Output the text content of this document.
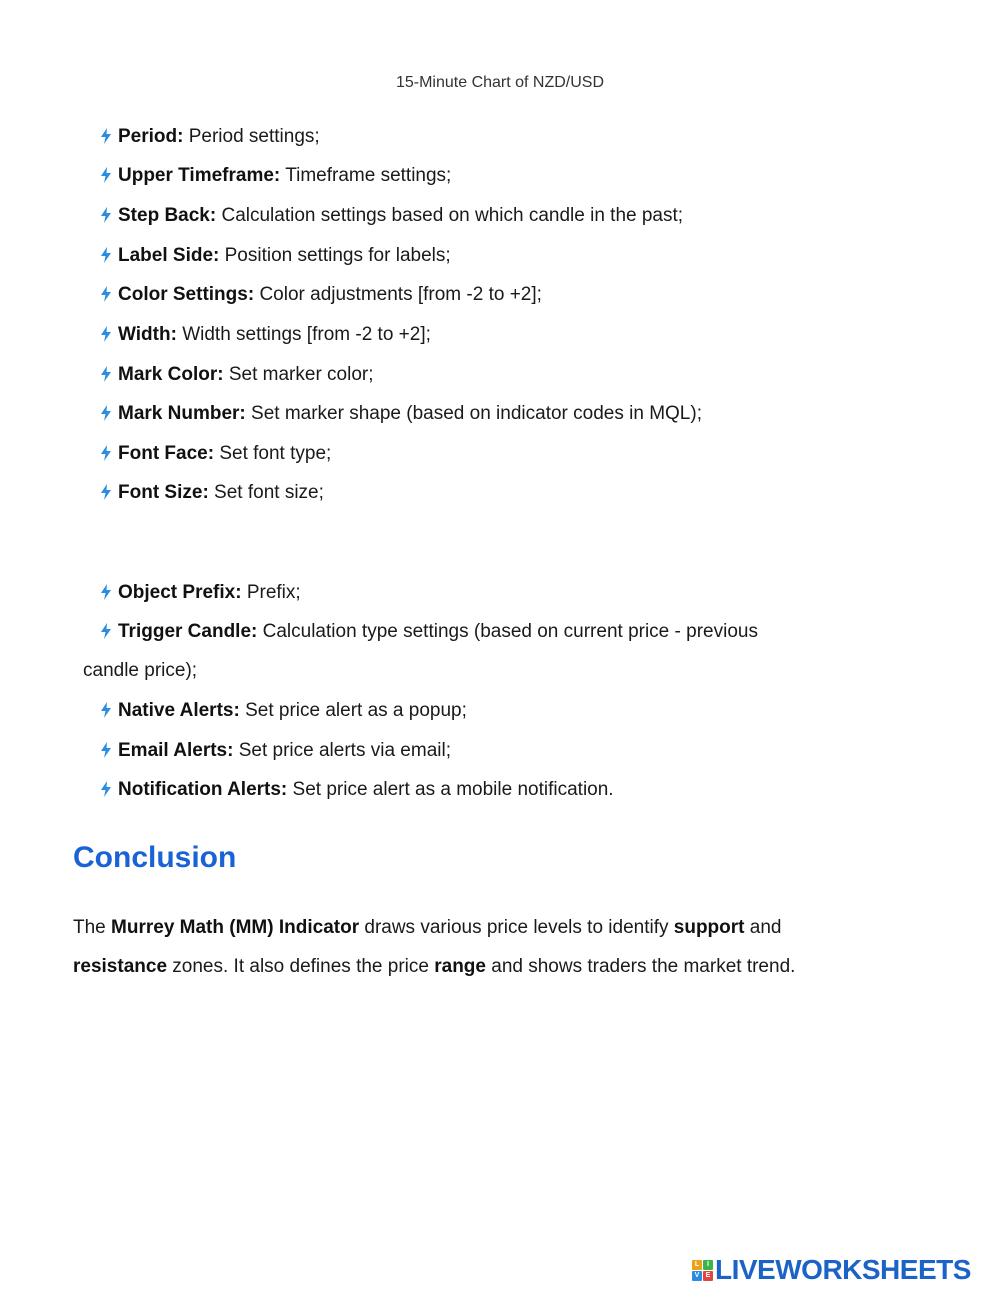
15-Minute Chart of NZD/USD
Period: Period settings;
Upper Timeframe: Timeframe settings;
Step Back: Calculation settings based on which candle in the past;
Label Side: Position settings for labels;
Color Settings: Color adjustments [from -2 to +2];
Width: Width settings [from -2 to +2];
Mark Color: Set marker color;
Mark Number: Set marker shape (based on indicator codes in MQL);
Font Face: Set font type;
Font Size: Set font size;
Object Prefix: Prefix;
Trigger Candle: Calculation type settings (based on current price - previous
candle price);
Native Alerts: Set price alert as a popup;
Email Alerts: Set price alerts via email;
Notification Alerts: Set price alert as a mobile notification.
Conclusion
The Murrey Math (MM) Indicator draws various price levels to identify support and
resistance zones. It also defines the price range and shows traders the market trend.
L	I
V E LIVEWORKSHEETS
